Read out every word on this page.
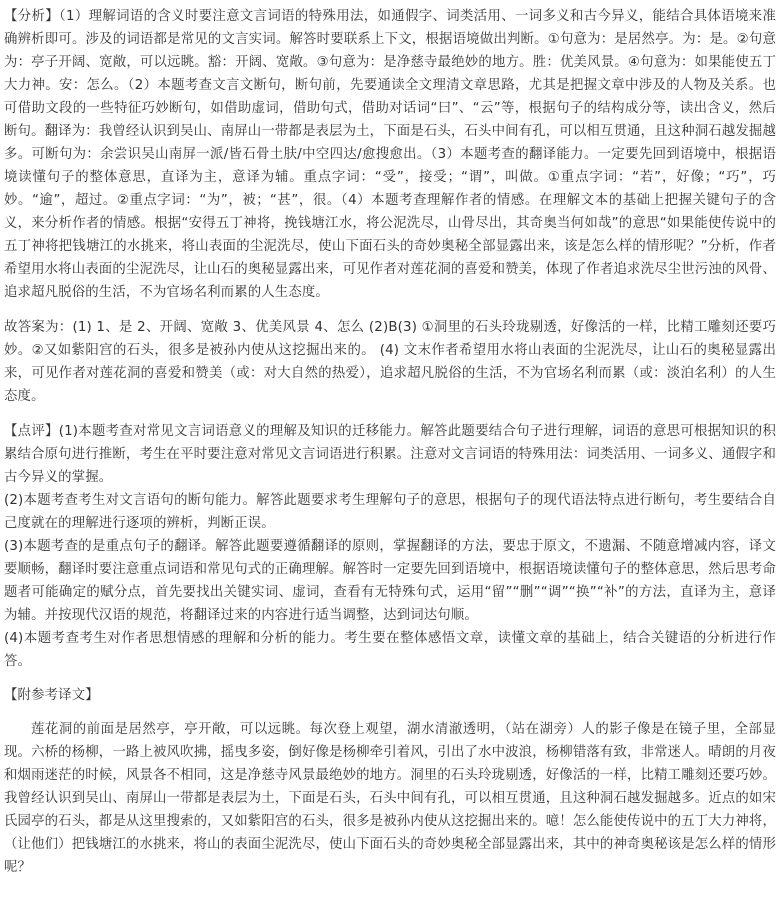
【分析】（1）理解词语的含义时要注意文言词语的特殊用法，如通假字、词类活用、一词多义和古今异义，能结合具体语境来准确辨析即可。涉及的词语都是常见的文言实词。解答时要联系上下文，根据语境做出判断。①句意为：是居然亭。为：是。②句意为：亭子开阔、宽敞，可以远眺。豁：开阔、宽敞。③句意为：是净慈寺最绝妙的地方。胜：优美风景。④句意为：如果能使五丁大力神。安：怎么。（2）本题考查文言文断句，断句前，先要通读全文理清文章思路，尤其是把握文章中涉及的人物及关系。也可借助文段的一些特征巧妙断句，如借助虚词，借助句式，借助对话词“曰”、“云”等，根据句子的结构成分等，读出含义，然后断句。翻译为：我曾经认识到吴山、南屏山一带都是表层为土，下面是石头，石头中间有孔，可以相互贯通，且这种洞石越发掘越多。可断句为：余尝识吴山南屏一派/皆石骨土肤/中空四达/愈搜愈出。（3）本题考查的翻译能力。一定要先回到语境中，根据语境读懂句子的整体意思，直译为主，意译为辅。重点字词：“受”，接受；“谓”，叫做。①重点字词：“若”，好像；“巧”，巧妙。“逾”，超过。②重点字词：“为”，被；“甚”，很。（4）本题考查理解作者的情感。在理解文本的基础上把握关键句子的含义，来分析作者的情感。根据“安得五丁神将，挽钱塘江水，将公泥洗尽，山骨尽出，其奇奥当何如哉”的意思“如果能使传说中的五丁神将把钱塘江的水挑来，将山表面的尘泥洗尽，使山下面石头的奇妙奥秘全部显露出来，该是怎么样的情形呢？”分析，作者希望用水将山表面的尘泥洗尽，让山石的奥秘显露出来，可见作者对莲花洞的喜爱和赞美，体现了作者追求洗尽尘世污浊的风骨、追求超凡脱俗的生活，不为官场名利而累的人生态度。

故答案为：(1) 1、是 2、开阔、宽敞 3、优美风景 4、怎么 (2)B(3) ①洞里的石头玲珑剔透，好像活的一样，比精工雕刻还要巧妙。②又如紫阳宫的石头，很多是被孙内使从这挖掘出来的。 (4) 文末作者希望用水将山表面的尘泥洗尽，让山石的奥秘显露出来，可见作者对莲花洞的喜爱和赞美（或：对大自然的热爱），追求超凡脱俗的生活，不为官场名利而累（或：淡泊名利）的人生态度。

【点评】(1)本题考查对常见文言词语意义的理解及知识的迁移能力。解答此题要结合句子进行理解，词语的意思可根据知识的积累结合原句进行推断，考生在平时要注意对常见文言词语进行积累。注意对文言词语的特殊用法：词类活用、一词多义、通假字和古今异义的掌握。

(2)本题考查考生对文言语句的断句能力。解答此题要求考生理解句子的意思，根据句子的现代语法特点进行断句，考生要结合自己度就在的理解进行逐项的辨析，判断正误。

(3)本题考查的是重点句子的翻译。解答此题要遵循翻译的原则，掌握翻译的方法，要忠于原文，不遗漏、不随意增减内容，译文要顺畅，翻译时要注意重点词语和常见句式的正确理解。解答时一定要先回到语境中，根据语境读懂句子的整体意思，然后思考命题者可能确定的赋分点，首先要找出关键实词、虚词，查看有无特殊句式，运用“留”“删”“调”“换”“补”的方法，直译为主，意译为辅。并按现代汉语的规范，将翻译过来的内容进行适当调整，达到词达句顺。

(4)本题考查考生对作者思想情感的理解和分析的能力。考生要在整体感悟文章，读懂文章的基础上，结合关键语的分析进行作答。

【附参考译文】

莲花洞的前面是居然亭，亭开敞，可以远眺。每次登上观望，湖水清澈透明，（站在湖旁）人的影子像是在镜子里，全部显现。六桥的杨柳，一路上被风吹拂，摇曳多姿，倒好像是杨柳牵引着风，引出了水中波浪，杨柳错落有致，非常迷人。晴朗的月夜和烟雨迷茫的时候，风景各不相同，这是净慈寺风景最绝妙的地方。洞里的石头玲珑剔透，好像活的一样，比精工雕刻还要巧妙。我曾经认识到吴山、南屏山一带都是表层为土，下面是石头，石头中间有孔，可以相互贯通，且这种洞石越发掘越多。近点的如宋氏园亭的石头，都是从这里搜索的，又如紫阳宫的石头，很多是被孙内使从这挖掘出来的。噫！怎么能使传说中的五丁大力神将，（让他们）把钱塘江的水挑来，将山的表面尘泥洗尽，使山下面石头的奇妙奥秘全部显露出来，其中的神奇奥秘该是怎么样的情形呢？
